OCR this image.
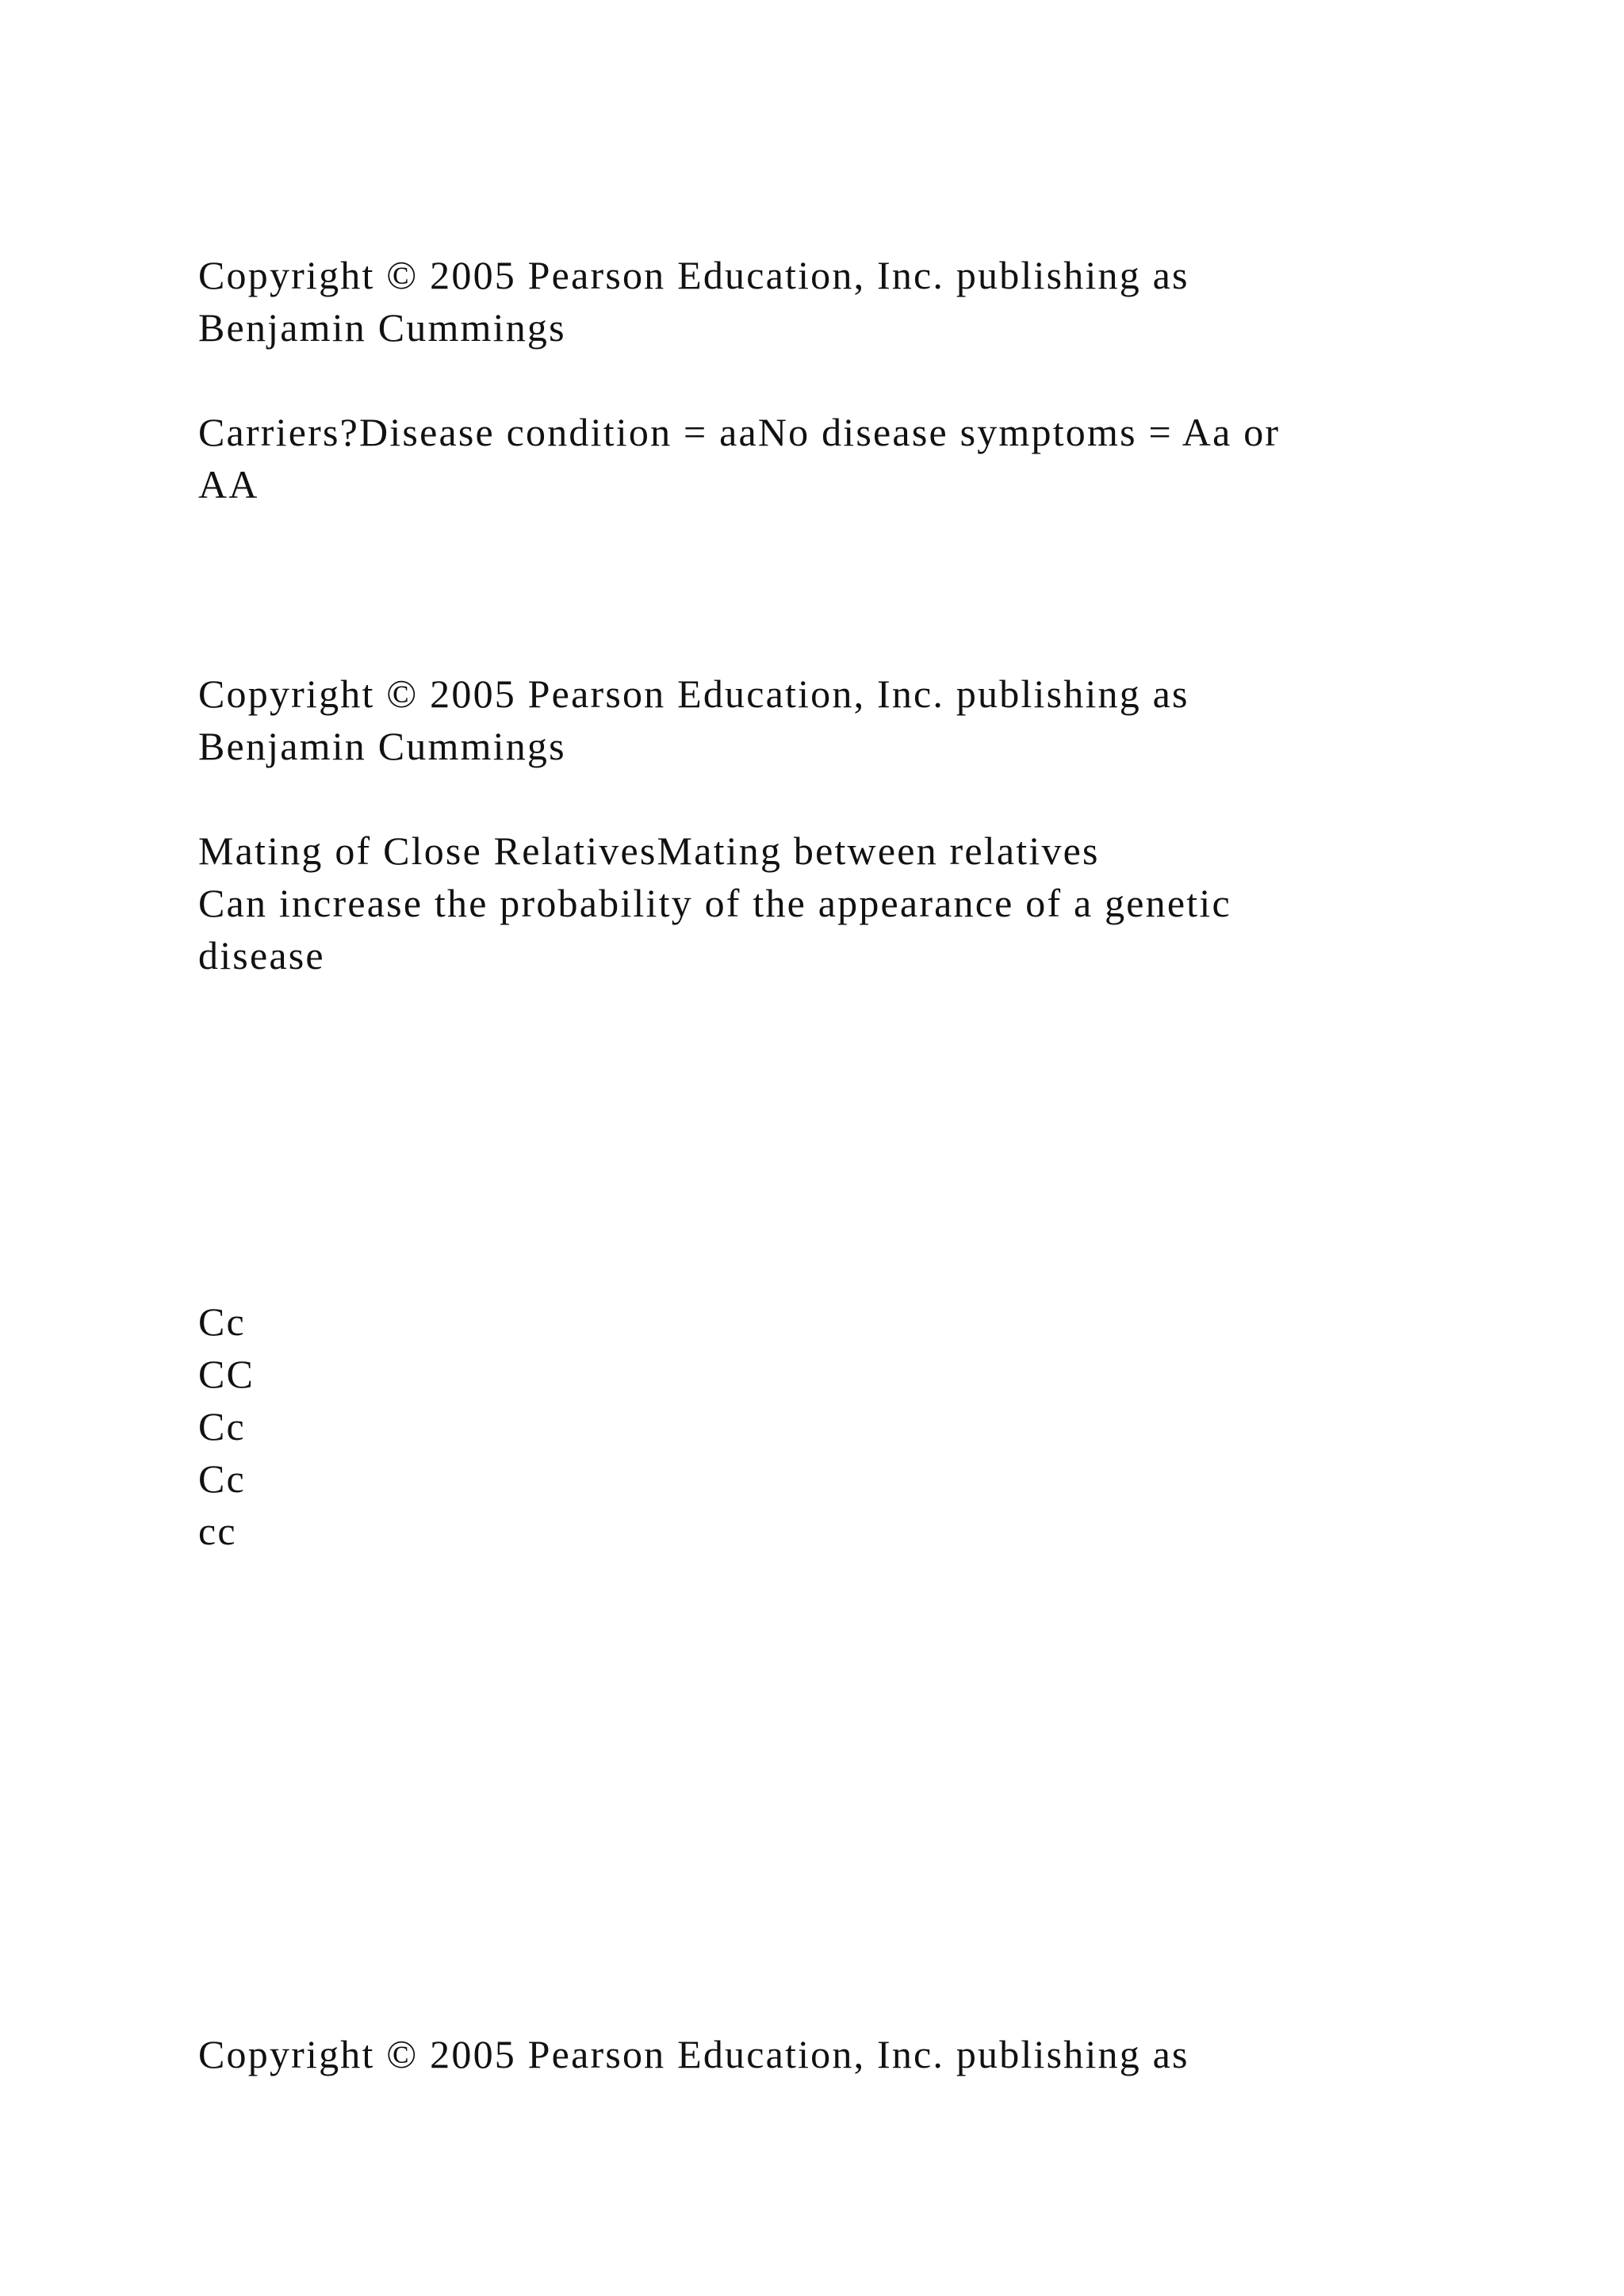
Copyright © 2005 Pearson Education, Inc. publishing as
Benjamin Cummings
Carriers?Disease condition = aaNo disease symptoms = Aa or
AA
Copyright © 2005 Pearson Education, Inc. publishing as
Benjamin Cummings
Mating of Close RelativesMating between relatives
Can increase the probability of the appearance of a genetic
disease
Cc
CC
Cc
Cc
cc
Copyright © 2005 Pearson Education, Inc. publishing as
